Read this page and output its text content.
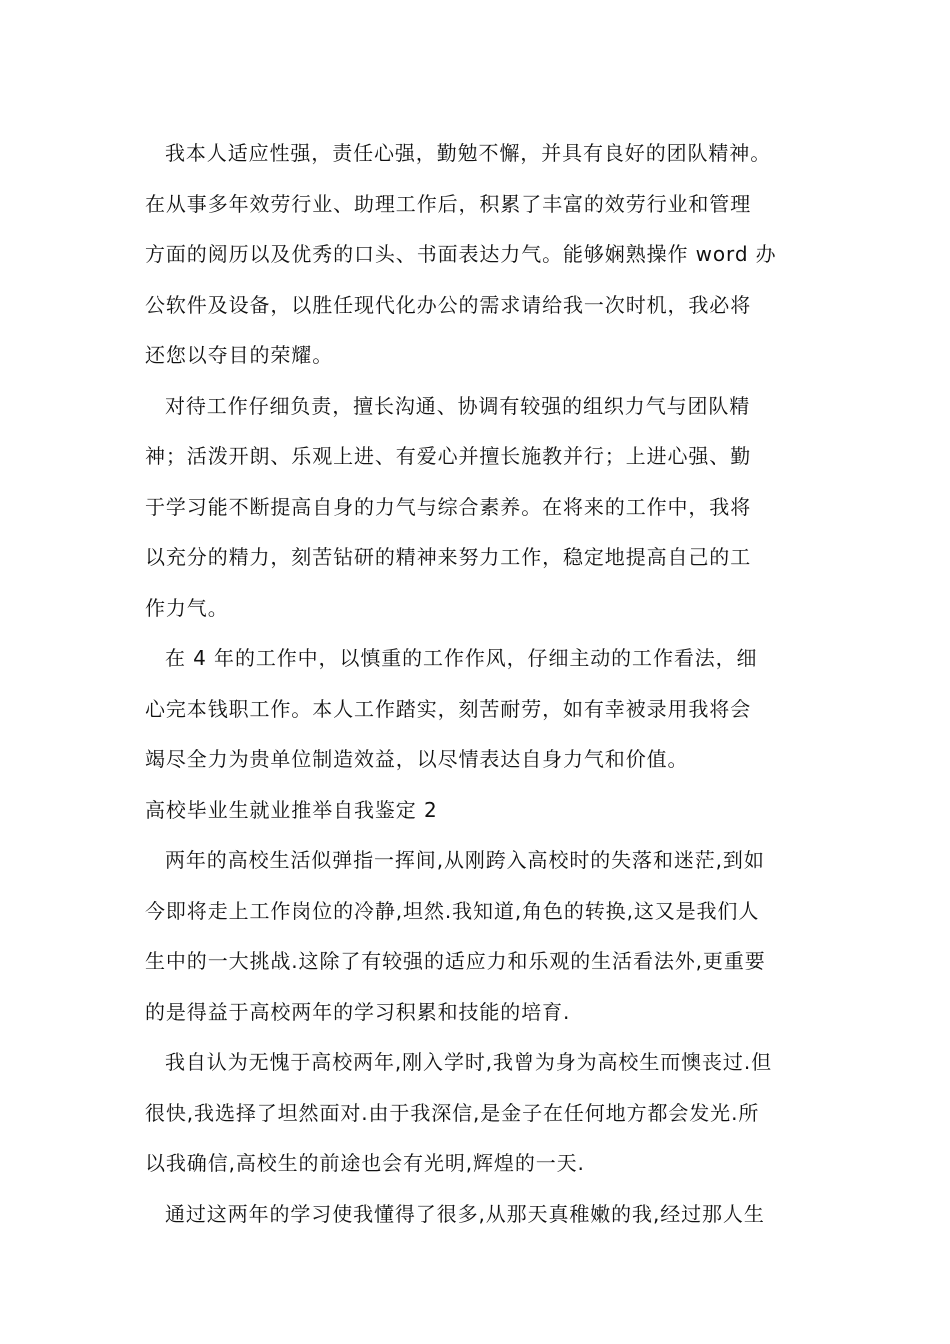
我本人适应性强，责任心强，勤勉不懈，并具有良好的团队精神。
在从事多年效劳行业、助理工作后，积累了丰富的效劳行业和管理
方面的阅历以及优秀的口头、书面表达力气。能够娴熟操作 word 办
公软件及设备，以胜任现代化办公的需求请给我一次时机，我必将
还您以夺目的荣耀。

对待工作仔细负责，擅长沟通、协调有较强的组织力气与团队精
神；活泼开朗、乐观上进、有爱心并擅长施教并行；上进心强、勤
于学习能不断提高自身的力气与综合素养。在将来的工作中，我将
以充分的精力，刻苦钻研的精神来努力工作，稳定地提高自己的工
作力气。

在 4 年的工作中，以慎重的工作作风，仔细主动的工作看法，细
心完本钱职工作。本人工作踏实，刻苦耐劳，如有幸被录用我将会
竭尽全力为贵单位制造效益，以尽情表达自身力气和价值。

高校毕业生就业推举自我鉴定 2

两年的高校生活似弹指一挥间,从刚跨入高校时的失落和迷茫,到如
今即将走上工作岗位的冷静,坦然.我知道,角色的转换,这又是我们人
生中的一大挑战.这除了有较强的适应力和乐观的生活看法外,更重要
的是得益于高校两年的学习积累和技能的培育.

我自认为无愧于高校两年,刚入学时,我曾为身为高校生而懊丧过.但
很快,我选择了坦然面对.由于我深信,是金子在任何地方都会发光.所
以我确信,高校生的前途也会有光明,辉煌的一天.

通过这两年的学习使我懂得了很多,从那天真稚嫩的我,经过那人生
